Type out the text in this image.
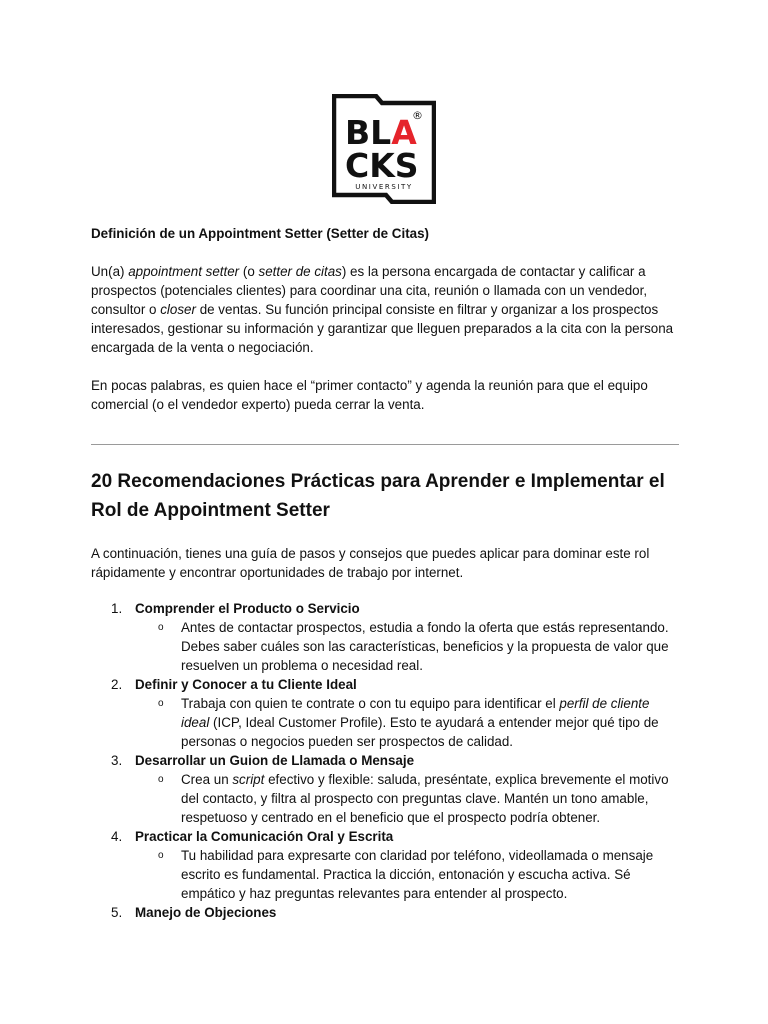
BLA
®
CKS
UNIVERSITY
Definición de un Appointment Setter (Setter de Citas)
Un(a) appointment setter (o setter de citas) es la persona encargada de contactar y calificar a prospectos (potenciales clientes) para coordinar una cita, reunión o llamada con un vendedor, consultor o closer de ventas. Su función principal consiste en filtrar y organizar a los prospectos interesados, gestionar su información y garantizar que lleguen preparados a la cita con la persona encargada de la venta o negociación.
En pocas palabras, es quien hace el “primer contacto” y agenda la reunión para que el equipo comercial (o el vendedor experto) pueda cerrar la venta.
20 Recomendaciones Prácticas para Aprender e Implementar el Rol de Appointment Setter
A continuación, tienes una guía de pasos y consejos que puedes aplicar para dominar este rol rápidamente y encontrar oportunidades de trabajo por internet.
1. Comprender el Producto o Servicio
o Antes de contactar prospectos, estudia a fondo la oferta que estás representando. Debes saber cuáles son las características, beneficios y la propuesta de valor que resuelven un problema o necesidad real.
2. Definir y Conocer a tu Cliente Ideal
o Trabaja con quien te contrate o con tu equipo para identificar el perfil de cliente ideal (ICP, Ideal Customer Profile). Esto te ayudará a entender mejor qué tipo de personas o negocios pueden ser prospectos de calidad.
3. Desarrollar un Guion de Llamada o Mensaje
o Crea un script efectivo y flexible: saluda, preséntate, explica brevemente el motivo del contacto, y filtra al prospecto con preguntas clave. Mantén un tono amable, respetuoso y centrado en el beneficio que el prospecto podría obtener.
4. Practicar la Comunicación Oral y Escrita
o Tu habilidad para expresarte con claridad por teléfono, videollamada o mensaje escrito es fundamental. Practica la dicción, entonación y escucha activa. Sé empático y haz preguntas relevantes para entender al prospecto.
5. Manejo de Objeciones
